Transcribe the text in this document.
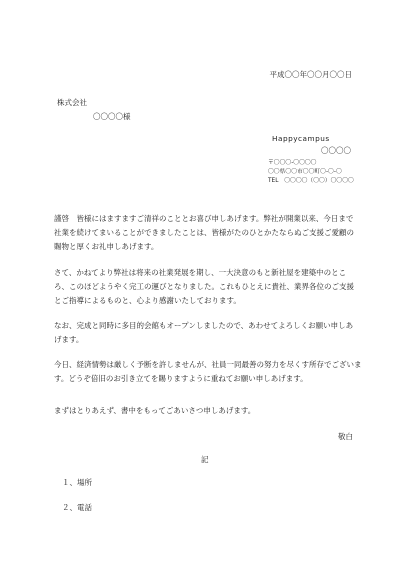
平成〇〇年〇〇月〇〇日
株式会社
〇〇〇〇様
Happycampus
〇〇〇〇
〒〇〇〇-〇〇〇〇
〇〇県〇〇市〇〇町〇-〇-〇
TEL　〇〇〇〇（〇〇）〇〇〇〇
謹啓　皆様にはますますご清祥のこととお喜び申しあげます。弊社が開業以来、今日まで社業を続けてまいることができましたことは、皆様がたのひとかたならぬご支援ご愛顧の賜物と厚くお礼申しあげます。
さて、かねてより弊社は将来の社業発展を期し、一大決意のもと新社屋を建築中のところ、このほどようやく完工の運びとなりました。これもひとえに貴社、業界各位のご支援とご指導によるものと、心より感謝いたしております。
なお、完成と同時に多目的会館もオープンしましたので、あわせてよろしくお願い申しあげます。
今日、経済情勢は厳しく予断を許しませんが、社員一同最善の努力を尽くす所存でございます。どうぞ倍旧のお引き立てを賜りますように重ねてお願い申しあげます。
まずはとりあえず、書中をもってごあいさつ申しあげます。
敬白
記
１、場所
２、電話
